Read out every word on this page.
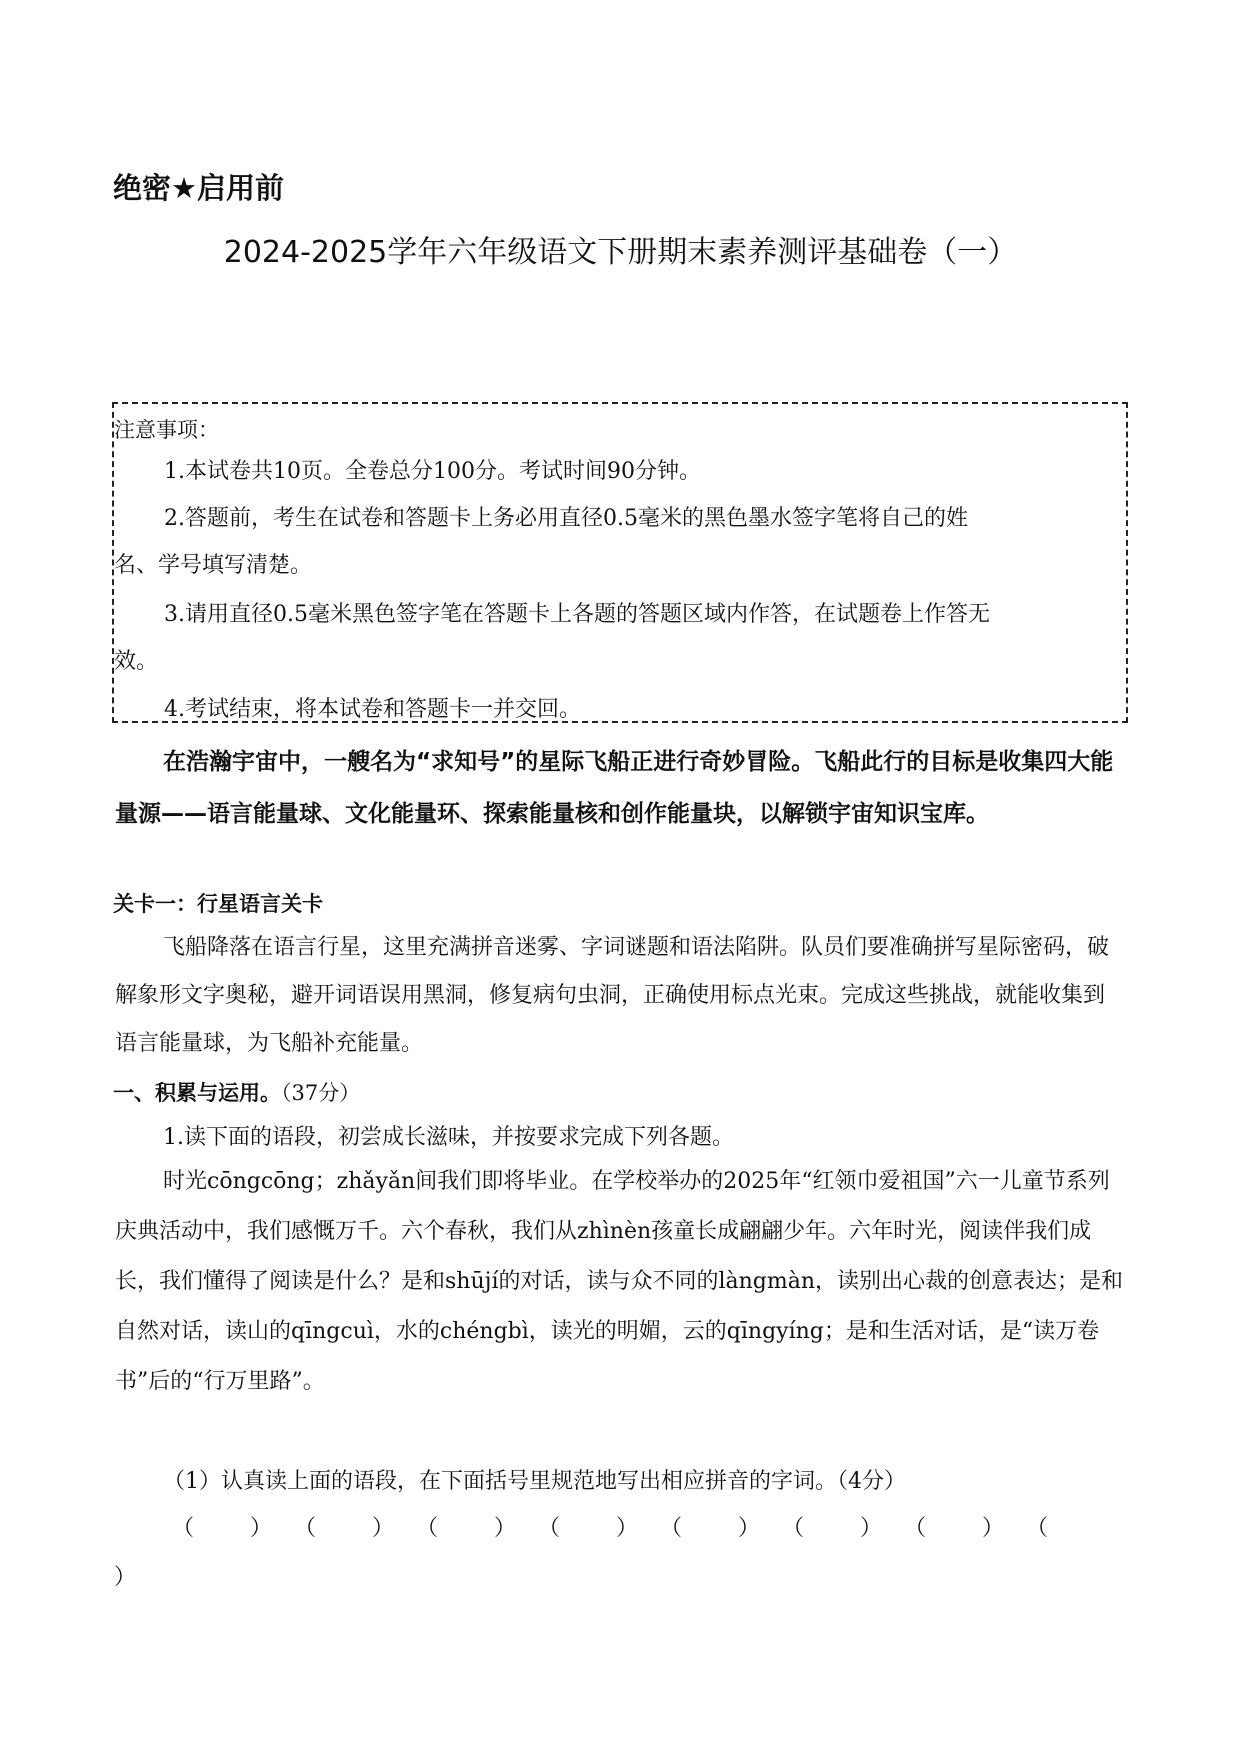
绝密★启用前
2024-2025学年六年级语文下册期末素养测评基础卷（一）
注意事项：
1.本试卷共10页。全卷总分100分。考试时间90分钟。
2.答题前，考生在试卷和答题卡上务必用直径0.5毫米的黑色墨水签字笔将自己的姓
名、学号填写清楚。
3.请用直径0.5毫米黑色签字笔在答题卡上各题的答题区域内作答，在试题卷上作答无
效。
4.考试结束，将本试卷和答题卡一并交回。
在浩瀚宇宙中，一艘名为“求知号”的星际飞船正进行奇妙冒险。飞船此行的目标是收集四大能量源——语言能量球、文化能量环、探索能量核和创作能量块，以解锁宇宙知识宝库。
关卡一：行星语言关卡
飞船降落在语言行星，这里充满拼音迷雾、字词谜题和语法陷阱。队员们要准确拼写星际密码，破解象形文字奥秘，避开词语误用黑洞，修复病句虫洞，正确使用标点光束。完成这些挑战，就能收集到语言能量球，为飞船补充能量。
一、积累与运用。（37分）
1.读下面的语段，初尝成长滋味，并按要求完成下列各题。
时光cōngcōng；zhǎyǎn间我们即将毕业。在学校举办的2025年“红领巾爱祖国”六一儿童节系列庆典活动中，我们感慨万千。六个春秋，我们从zhìnèn孩童长成翩翩少年。六年时光，阅读伴我们成长，我们懂得了阅读是什么？是和shūjí的对话，读与众不同的làngmàn，读别出心裁的创意表达；是和自然对话，读山的qīngcuì，水的chéngbì，读光的明媚，云的qīngyíng；是和生活对话，是“读万卷书”后的“行万里路”。
（1）认真读上面的语段，在下面括号里规范地写出相应拼音的字词。（4分）
（        ） （        ） （        ） （        ） （        ） （        ） （        ） （
）
